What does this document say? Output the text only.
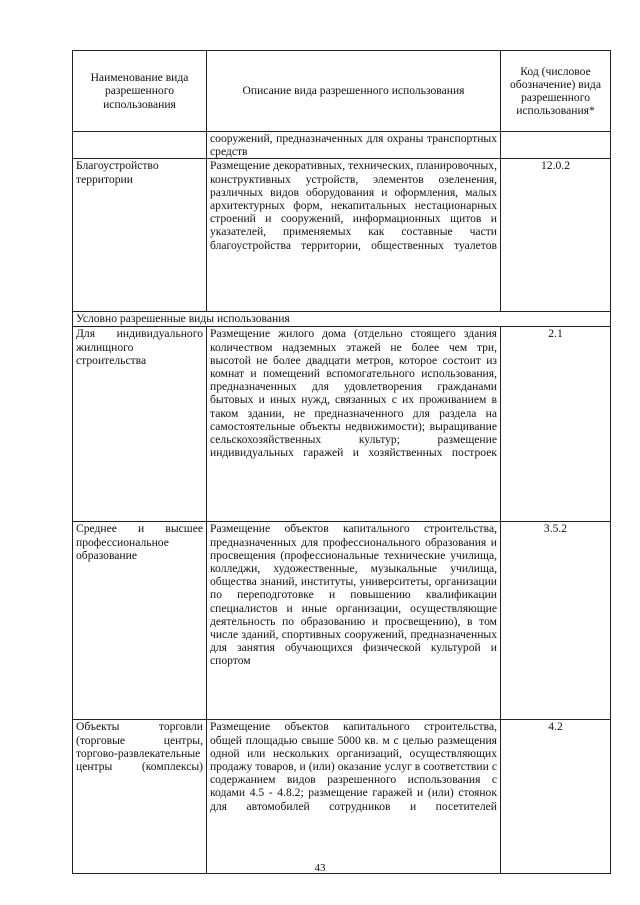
Наименование вида разрешенного использования	Описание вида разрешенного использования	Код (числовое обозначение) вида разрешенного использования*
	сооружений, предназначенных для охраны транспортных средств	
Благоустройство территории	Размещение декоративных, технических, планировочных, конструктивных устройств, элементов озеленения, различных видов оборудования и оформления, малых архитектурных форм, некапитальных нестационарных строений и сооружений, информационных щитов и указателей, применяемых как составные части благоустройства территории, общественных туалетов	12.0.2
Условно разрешенные виды использования		
Для индивидуального жилищного строительства	Размещение жилого дома (отдельно стоящего здания количеством надземных этажей не более чем три, высотой не более двадцати метров, которое состоит из комнат и помещений вспомогательного использования, предназначенных для удовлетворения гражданами бытовых и иных нужд, связанных с их проживанием в таком здании, не предназначенного для раздела на самостоятельные объекты недвижимости); выращивание сельскохозяйственных культур; размещение индивидуальных гаражей и хозяйственных построек	2.1
Среднее и высшее профессиональное образование	Размещение объектов капитального строительства, предназначенных для профессионального образования и просвещения (профессиональные технические училища, колледжи, художественные, музыкальные училища, общества знаний, институты, университеты, организации по переподготовке и повышению квалификации специалистов и иные организации, осуществляющие деятельность по образованию и просвещению), в том числе зданий, спортивных сооружений, предназначенных для занятия обучающихся физической культурой и спортом	3.5.2
Объекты торговли (торговые центры, торгово-развлекательные центры (комплексы)	Размещение объектов капитального строительства, общей площадью свыше 5000 кв. м с целью размещения одной или нескольких организаций, осуществляющих продажу товаров, и (или) оказание услуг в соответствии с содержанием видов разрешенного использования с кодами 4.5 - 4.8.2; размещение гаражей и (или) стоянок для автомобилей сотрудников и посетителей	4.2
43
